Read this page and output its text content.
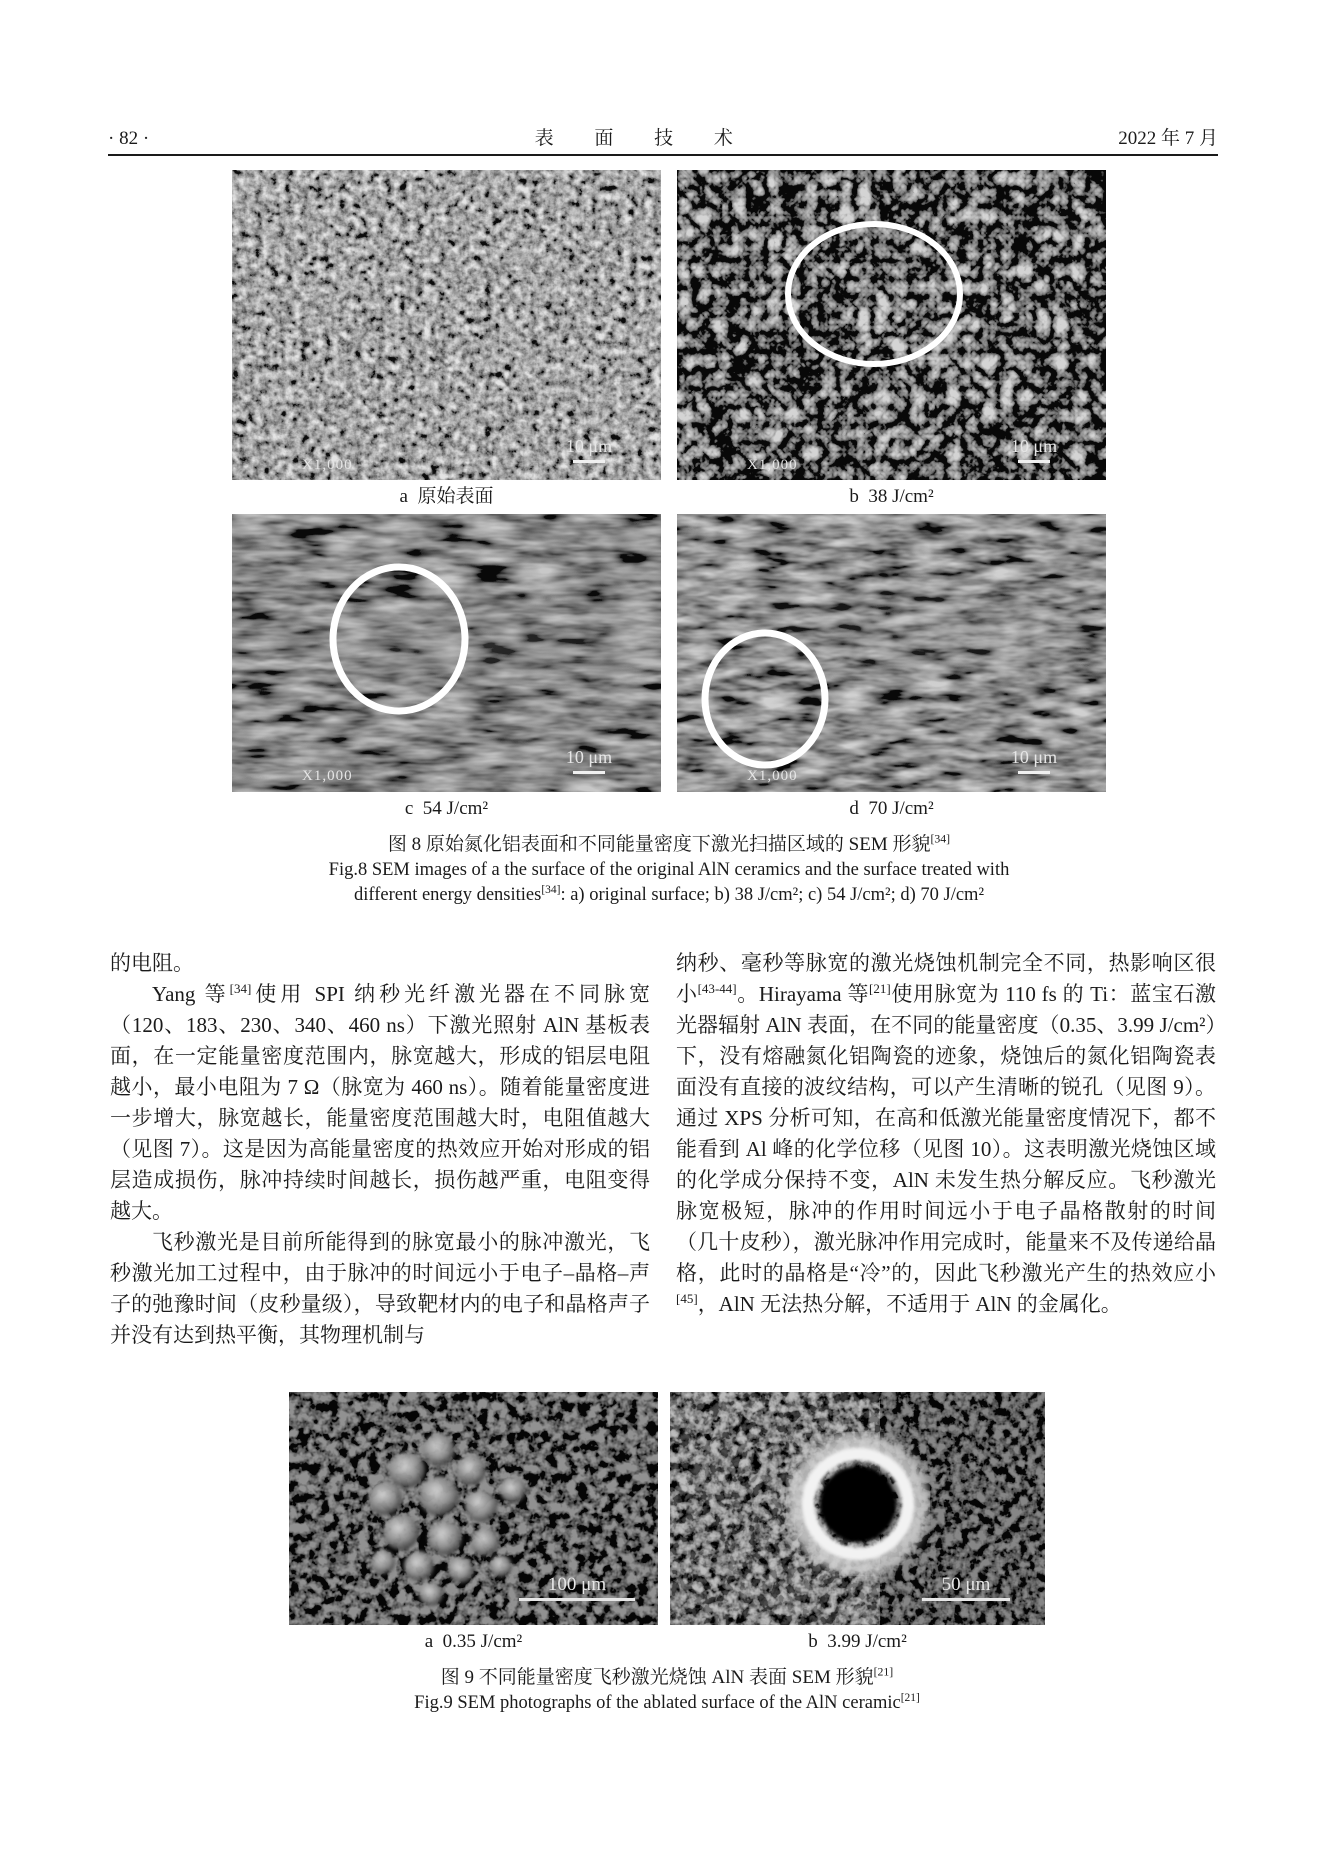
· 82 ·	表 面 技 术	2022 年 7 月
X1,000
10 μm
X1,000
10 μm
a  原始表面	b  38 J/cm²
X1,000
10 μm
X1,000
10 μm
c  54 J/cm²	d  70 J/cm²
图 8 原始氮化铝表面和不同能量密度下激光扫描区域的 SEM 形貌[34]
Fig.8 SEM images of a the surface of the original AlN ceramics and the surface treated with
different energy densities[34]: a) original surface; b) 38 J/cm²; c) 54 J/cm²; d) 70 J/cm²

的电阻。

Yang 等[34]使用 SPI 纳秒光纤激光器在不同脉宽（120、183、230、340、460 ns）下激光照射 AlN 基板表面，在一定能量密度范围内，脉宽越大，形成的铝层电阻越小，最小电阻为 7 Ω（脉宽为 460 ns）。随着能量密度进一步增大，脉宽越长，能量密度范围越大时，电阻值越大（见图 7）。这是因为高能量密度的热效应开始对形成的铝层造成损伤，脉冲持续时间越长，损伤越严重，电阻变得越大。

飞秒激光是目前所能得到的脉宽最小的脉冲激光，飞秒激光加工过程中，由于脉冲的时间远小于电子–晶格–声子的弛豫时间（皮秒量级），导致靶材内的电子和晶格声子并没有达到热平衡，其物理机制与

纳秒、毫秒等脉宽的激光烧蚀机制完全不同，热影响区很小[43-44]。Hirayama 等[21]使用脉宽为 110 fs 的 Ti：蓝宝石激光器辐射 AlN 表面，在不同的能量密度（0.35、3.99 J/cm²）下，没有熔融氮化铝陶瓷的迹象，烧蚀后的氮化铝陶瓷表面没有直接的波纹结构，可以产生清晰的锐孔（见图 9）。通过 XPS 分析可知，在高和低激光能量密度情况下，都不能看到 Al 峰的化学位移（见图 10）。这表明激光烧蚀区域的化学成分保持不变，AlN 未发生热分解反应。飞秒激光脉宽极短，脉冲的作用时间远小于电子晶格散射的时间（几十皮秒），激光脉冲作用完成时，能量来不及传递给晶格，此时的晶格是“冷”的，因此飞秒激光产生的热效应小[45]，AlN 无法热分解，不适用于 AlN 的金属化。

100 μm	50 μm
a  0.35 J/cm²	b  3.99 J/cm²
图 9 不同能量密度飞秒激光烧蚀 AlN 表面 SEM 形貌[21]
Fig.9 SEM photographs of the ablated surface of the AlN ceramic[21]
